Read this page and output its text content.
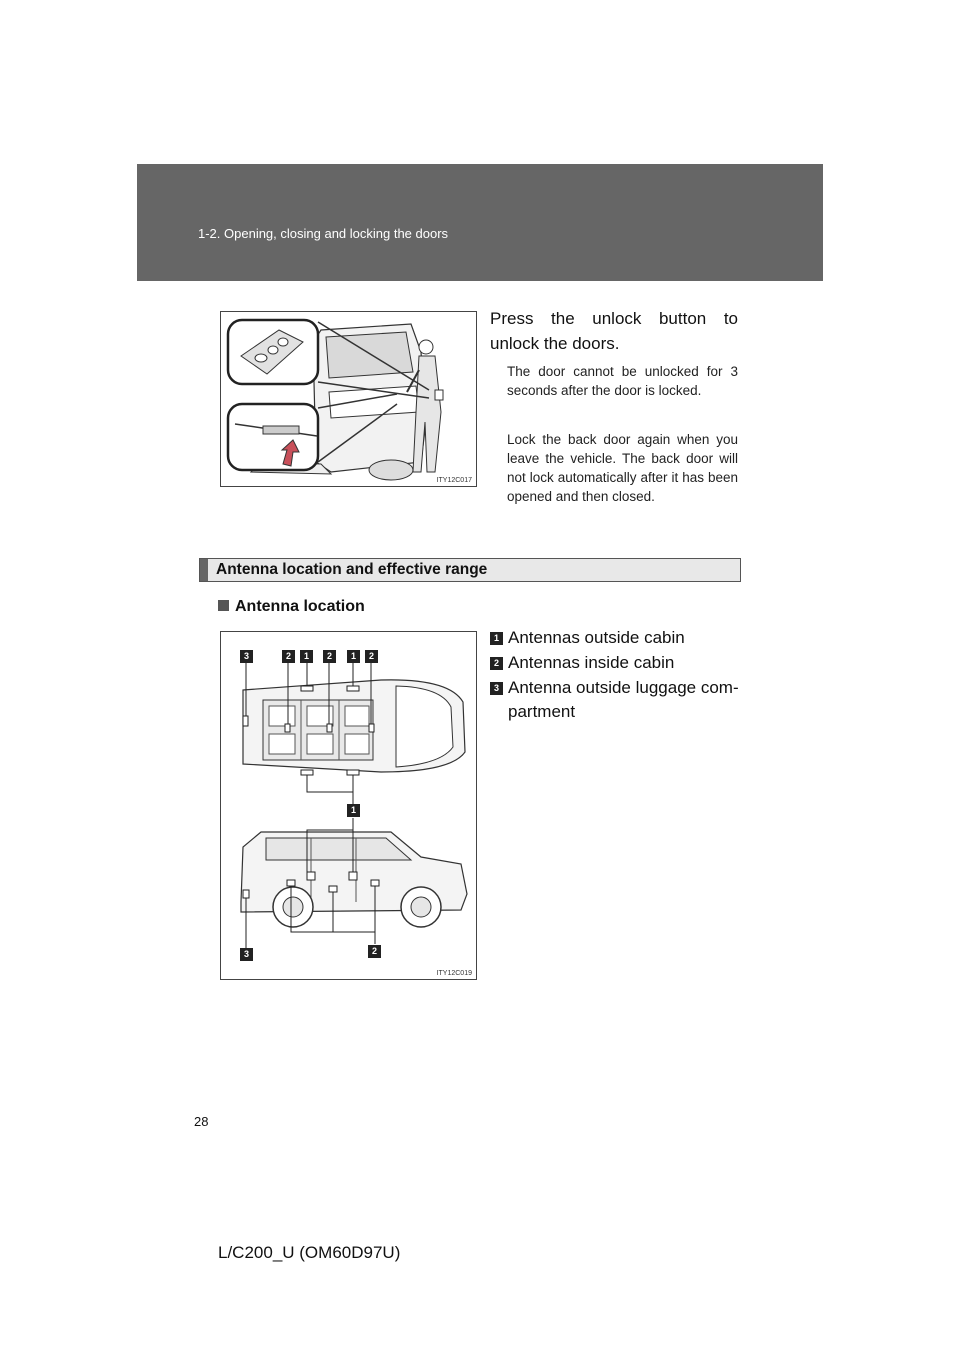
1-2. Opening, closing and locking the doors
ITY12C017
Press the unlock button to unlock the doors.
The door cannot be unlocked for 3 seconds after the door is locked.
Lock the back door again when you leave the vehicle. The back door will not lock automatically after it has been opened and then closed.
Antenna location and effective range
Antenna location
3	2	1	2	1	2
1
3	2
ITY12C019
1 Antennas outside cabin
2 Antennas inside cabin
3 Antenna outside luggage com-
partment
28
L/C200_U (OM60D97U)
